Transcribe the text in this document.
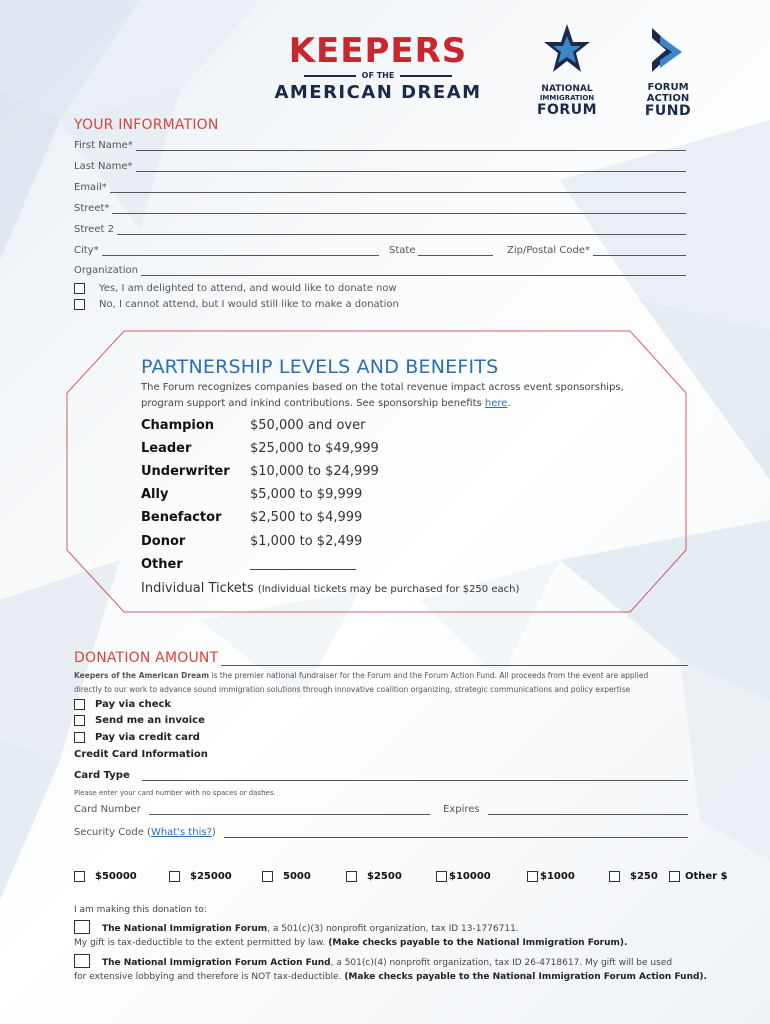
KEEPERS
OF THE
AMERICAN DREAM	NATIONAL
IMMIGRATION
FORUM
FORUM
ACTION
FUND
YOUR INFORMATION
First Name*
Last Name*
Email*
Street*
Street 2
City*	State	Zip/Postal Code*
Organization
Yes, I am delighted to attend, and would like to donate now
No, I cannot attend, but I would still like to make a donation
PARTNERSHIP LEVELS AND BENEFITS
The Forum recognizes companies based on the total revenue impact across event sponsorships,
program support and inkind contributions. See sponsorship benefits here.
Champion	$50,000 and over
Leader	$25,000 to $49,999
Underwriter	$10,000 to $24,999
Ally	$5,000 to $9,999
Benefactor	$2,500 to $4,999
Donor	$1,000 to $2,499
Other
Individual Tickets (Individual tickets may be purchased for $250 each)
DONATION AMOUNT
Keepers of the American Dream is the premier national fundraiser for the Forum and the Forum Action Fund. All proceeds from the event are applied
directly to our work to advance sound immigration solutions through innovative coalition organizing, strategic communications and policy expertise
Pay via check
Send me an invoice
Pay via credit card
Credit Card Information
Card Type
Please enter your card number with no spaces or dashes.
Card Number	Expires
Security Code ( What's this? )
$50000	$25000	5000	$2500	$10000	$1000	$250	Other $
I am making this donation to:
The National Immigration Forum, a 501(c)(3) nonprofit organization, tax ID 13-1776711.
My gift is tax-deductible to the extent permitted by law. (Make checks payable to the National Immigration Forum).
The National Immigration Forum Action Fund, a 501(c)(4) nonprofit organization, tax ID 26-4718617. My gift will be used
for extensive lobbying and therefore is NOT tax-deductible. (Make checks payable to the National Immigration Forum Action Fund).
